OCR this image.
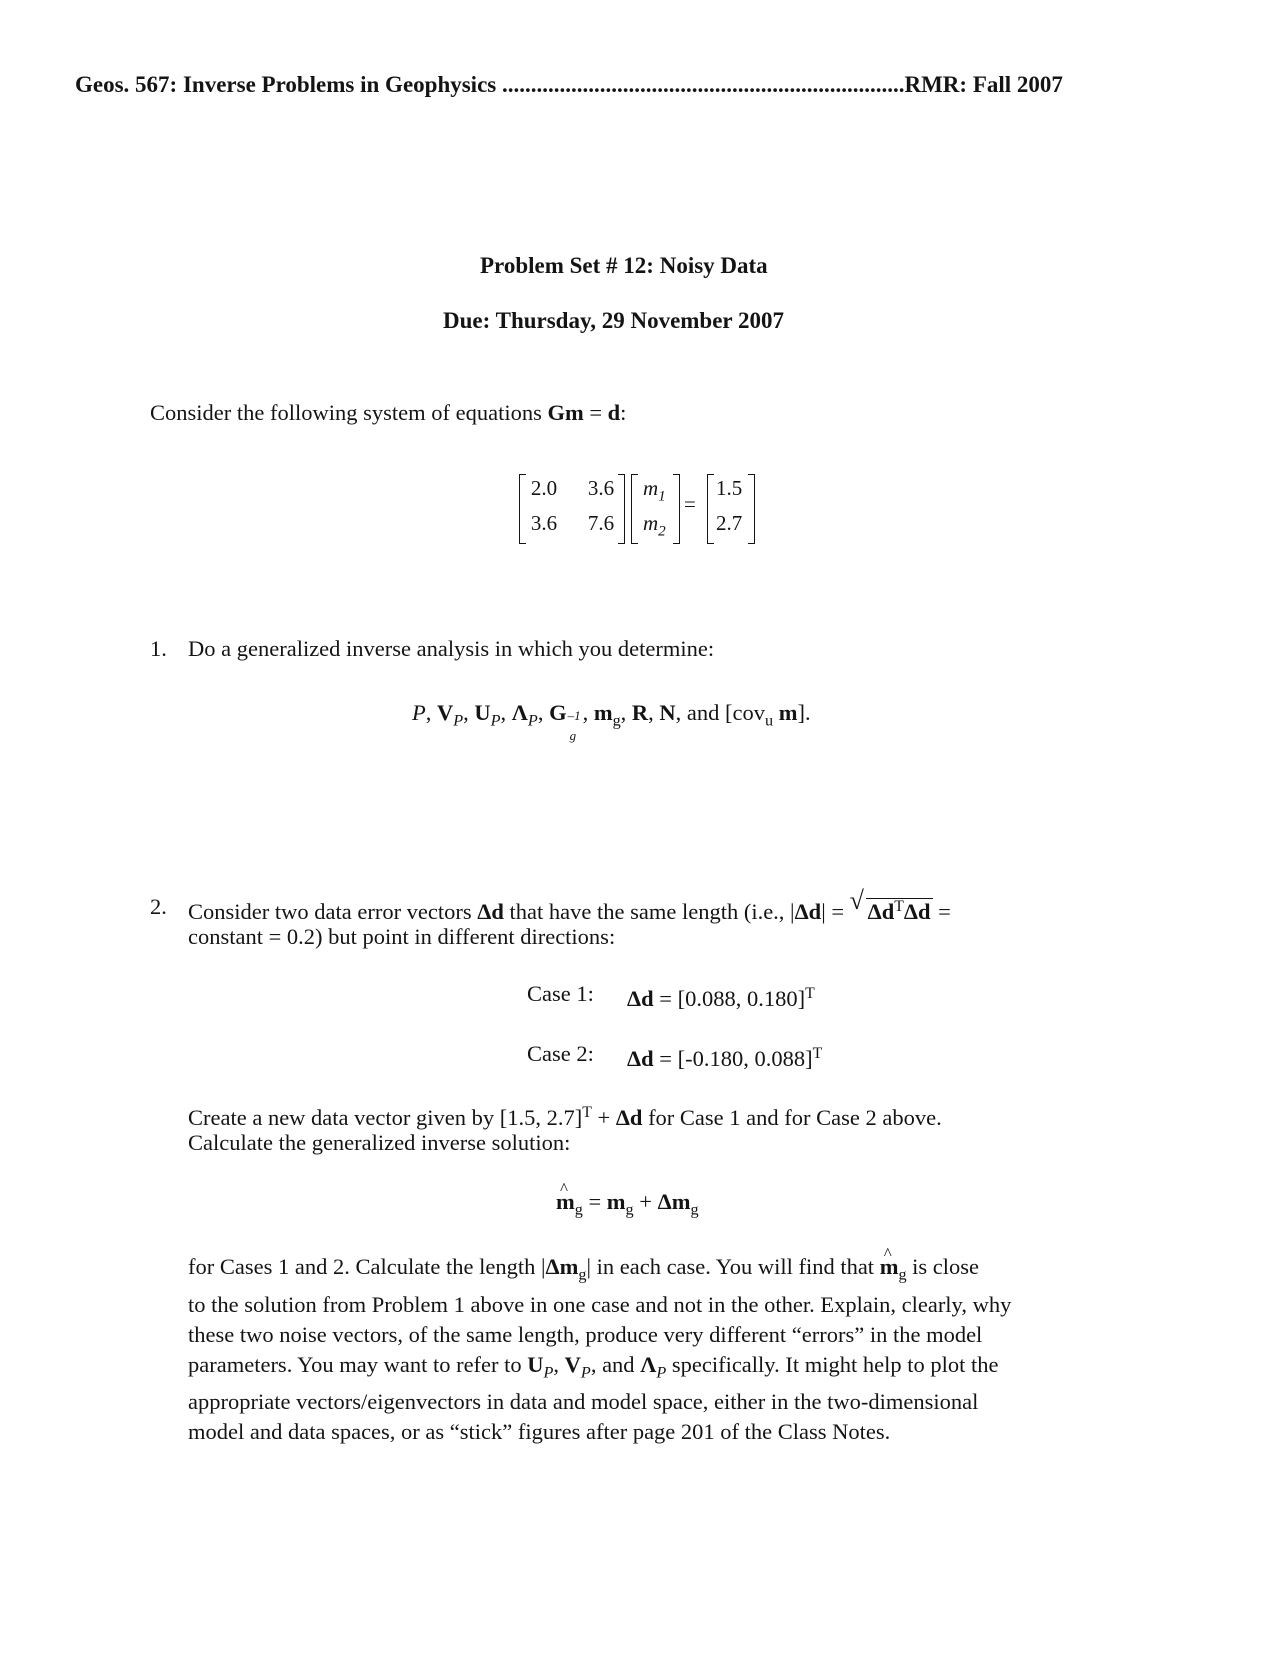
Geos. 567: Inverse Problems in Geophysics ......................................................................RMR: Fall 2007
Problem Set # 12: Noisy Data
Due: Thursday, 29 November 2007
Consider the following system of equations Gm = d:
2.0	3.6
3.6	7.6
$m_1$
$m_2$
=
1.5
2.7
1. Do a generalized inverse analysis in which you determine:
P, $V_P$, $U_P$, $\Lambda_P$, G –1
g
, $m_g$, R, N, and [cov$_u$ m].
2. Consider two data error vectors Δd that have the same length (i.e., |Δd| = √ $\Delta d^T\Delta d$ =
constant = 0.2) but point in different directions:
Case 1: Δd = [0.088, 0.180]$^T$
Case 2: Δd = [-0.180, 0.088]$^T$
Create a new data vector given by [1.5, 2.7]$^T$ + Δd for Case 1 and for Case 2 above.
Calculate the generalized inverse solution:
^ $m_g = m_g + \Delta m_g$
for Cases 1 and 2. Calculate the length $|\Delta m_g|$ in each case. You will find that ^ $m_g$ is close
to the solution from Problem 1 above in one case and not in the other. Explain, clearly, why
these two noise vectors, of the same length, produce very different “errors” in the model
parameters. You may want to refer to $U_P$, $V_P$, and $\Lambda_P$ specifically. It might help to plot the
appropriate vectors/eigenvectors in data and model space, either in the two-dimensional
model and data spaces, or as “stick” figures after page 201 of the Class Notes.
